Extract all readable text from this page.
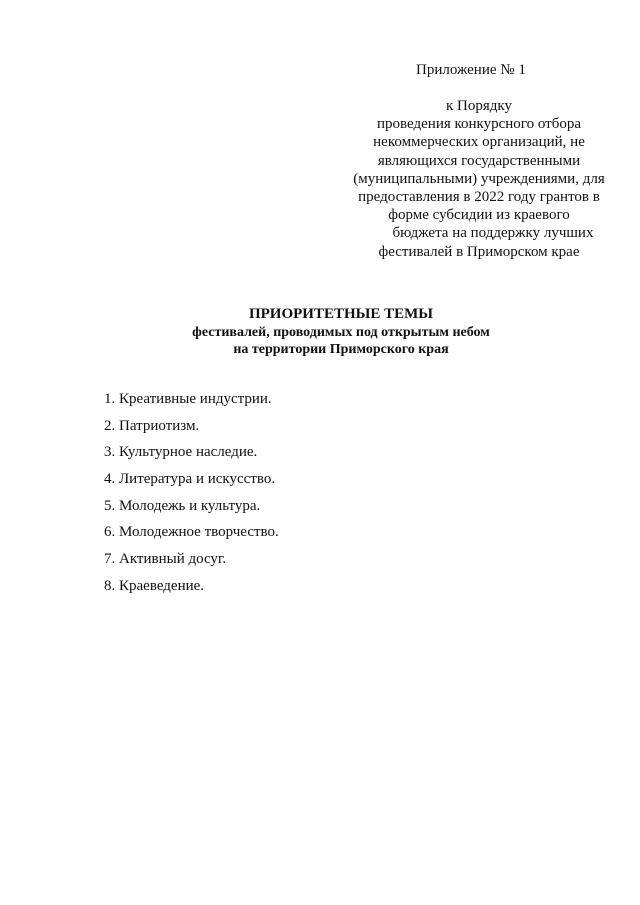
Приложение № 1
к Порядку
проведения конкурсного отбора
некоммерческих организаций, не
являющихся государственными
(муниципальными) учреждениями, для
предоставления в 2022 году грантов в
форме субсидии из краевого
бюджета на поддержку лучших
фестивалей в Приморском крае
ПРИОРИТЕТНЫЕ ТЕМЫ
фестивалей, проводимых под открытым небом
на территории Приморского края
1. Креативные индустрии.
2. Патриотизм.
3. Культурное наследие.
4. Литература и искусство.
5. Молодежь и культура.
6. Молодежное творчество.
7. Активный досуг.
8. Краеведение.
